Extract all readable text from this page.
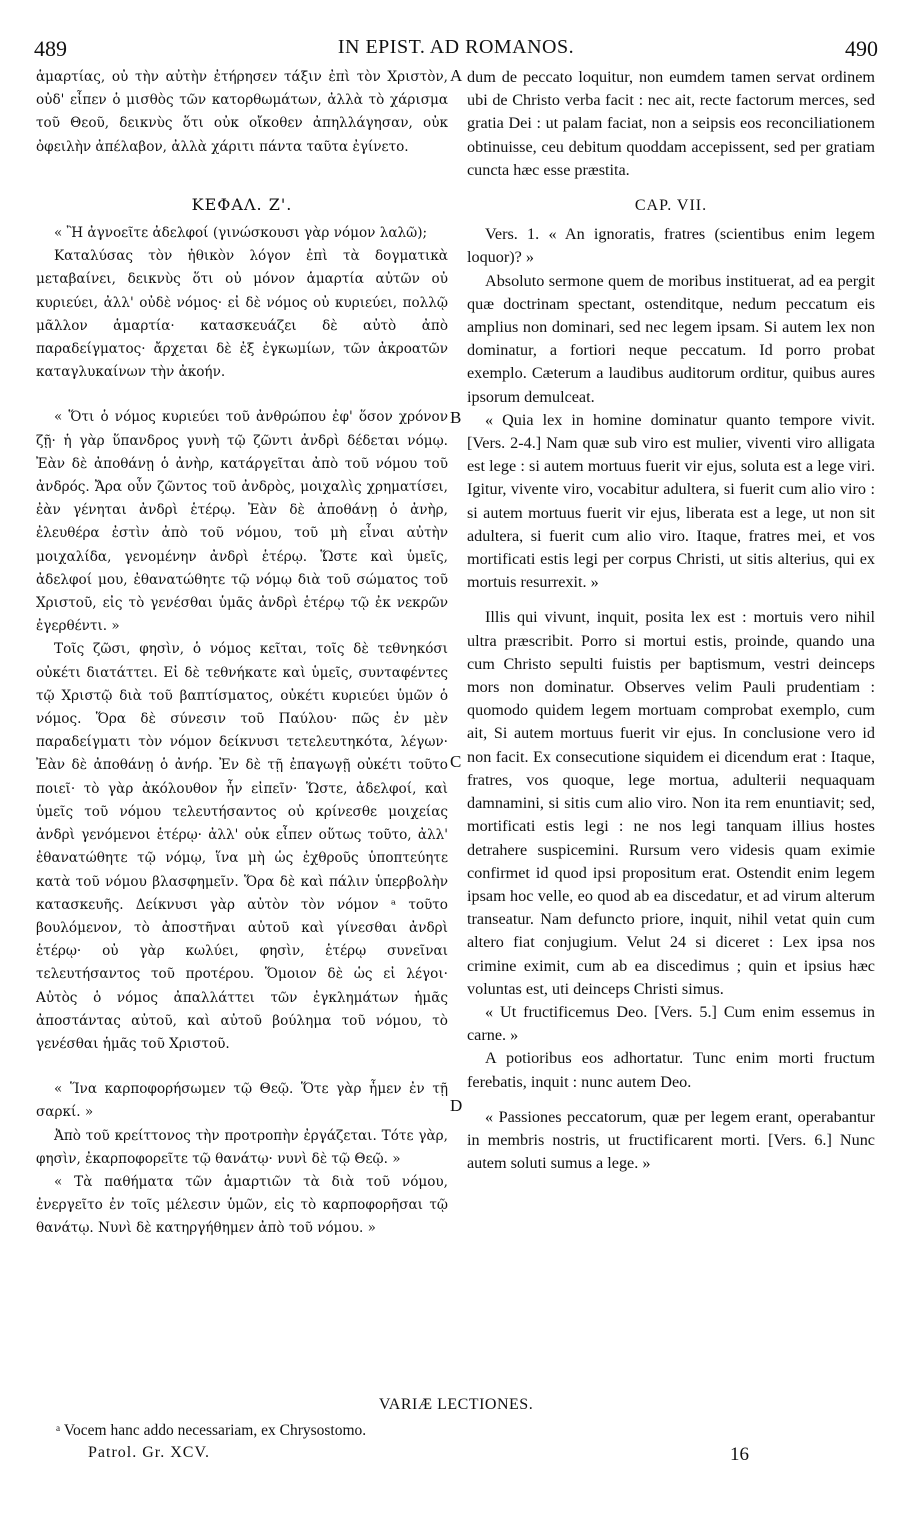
489	IN EPIST. AD ROMANOS.	490

ἁμαρτίας, οὐ τὴν αὐτὴν ἐτήρησεν τάξιν ἐπὶ τὸν Χριστὸν, οὐδ' εἶπεν ὁ μισθὸς τῶν κατορθωμάτων, ἀλλὰ τὸ χάρισμα τοῦ Θεοῦ, δεικνὺς ὅτι οὐκ οἴκοθεν ἀπηλλάγησαν, οὐκ ὀφειλὴν ἀπέλαβον, ἀλλὰ χάριτι πάντα ταῦτα ἐγίνετο.

ΚΕΦΑΛ. Ζ'.

« Ἢ ἀγνοεῖτε ἀδελφοί (γινώσκουσι γὰρ νόμον λαλῶ);

Καταλύσας τὸν ἠθικὸν λόγον ἐπὶ τὰ δογματικὰ μεταβαίνει, δεικνὺς ὅτι οὐ μόνον ἁμαρτία αὐτῶν οὐ κυριεύει, ἀλλ' οὐδὲ νόμος· εἰ δὲ νόμος οὐ κυριεύει, πολλῷ μᾶλλον ἁμαρτία· κατασκευάζει δὲ αὐτὸ ἀπὸ παραδείγματος· ἄρχεται δὲ ἐξ ἐγκωμίων, τῶν ἀκροατῶν καταγλυκαίνων τὴν ἀκοήν.

« Ὅτι ὁ νόμος κυριεύει τοῦ ἀνθρώπου ἐφ' ὅσον χρόνον ζῇ· ἡ γὰρ ὕπανδρος γυνὴ τῷ ζῶντι ἀνδρὶ δέδεται νόμῳ. Ἐὰν δὲ ἀποθάνῃ ὁ ἀνὴρ, κατάργεῖται ἀπὸ τοῦ νόμου τοῦ ἀνδρός. Ἄρα οὖν ζῶντος τοῦ ἀνδρὸς, μοιχαλὶς χρηματίσει, ἐὰν γένηται ἀνδρὶ ἑτέρῳ. Ἐὰν δὲ ἀποθάνῃ ὁ ἀνὴρ, ἐλευθέρα ἐστὶν ἀπὸ τοῦ νόμου, τοῦ μὴ εἶναι αὐτὴν μοιχαλίδα, γενομένην ἀνδρὶ ἑτέρῳ. Ὥστε καὶ ὑμεῖς, ἀδελφοί μου, ἐθανατώθητε τῷ νόμῳ διὰ τοῦ σώματος τοῦ Χριστοῦ, εἰς τὸ γενέσθαι ὑμᾶς ἀνδρὶ ἑτέρῳ τῷ ἐκ νεκρῶν ἐγερθέντι. »

Τοῖς ζῶσι, φησὶν, ὁ νόμος κεῖται, τοῖς δὲ τεθνηκόσι οὐκέτι διατάττει. Εἰ δὲ τεθνήκατε καὶ ὑμεῖς, συνταφέντες τῷ Χριστῷ διὰ τοῦ βαπτίσματος, οὐκέτι κυριεύει ὑμῶν ὁ νόμος. Ὅρα δὲ σύνεσιν τοῦ Παύλου· πῶς ἐν μὲν παραδείγματι τὸν νόμον δείκνυσι τετελευτηκότα, λέγων· Ἐὰν δὲ ἀποθάνῃ ὁ ἀνήρ. Ἐν δὲ τῇ ἐπαγωγῇ οὐκέτι τοῦτο ποιεῖ· τὸ γὰρ ἀκόλουθον ἦν εἰπεῖν· Ὥστε, ἀδελφοί, καὶ ὑμεῖς τοῦ νόμου τελευτήσαντος οὐ κρίνεσθε μοιχείας ἀνδρὶ γενόμενοι ἑτέρῳ· ἀλλ' οὐκ εἶπεν οὕτως τοῦτο, ἀλλ' ἐθανατώθητε τῷ νόμῳ, ἵνα μὴ ὡς ἐχθροῦς ὑποπτεύητε κατὰ τοῦ νόμου βλασφημεῖν. Ὅρα δὲ καὶ πάλιν ὑπερβολὴν κατασκευῆς. Δείκνυσι γὰρ αὐτὸν τὸν νόμον ᵃ τοῦτο βουλόμενον, τὸ ἀποστῆναι αὐτοῦ καὶ γίνεσθαι ἀνδρὶ ἑτέρῳ· οὐ γὰρ κωλύει, φησὶν, ἑτέρῳ συνεῖναι τελευτήσαντος τοῦ προτέρου. Ὅμοιον δὲ ὡς εἰ λέγοι· Αὐτὸς ὁ νόμος ἀπαλλάττει τῶν ἐγκλημάτων ἡμᾶς ἀποστάντας αὐτοῦ, καὶ αὐτοῦ βούλημα τοῦ νόμου, τὸ γενέσθαι ἡμᾶς τοῦ Χριστοῦ.

« Ἵνα καρποφορήσωμεν τῷ Θεῷ. Ὅτε γὰρ ἦμεν ἐν τῇ σαρκί. »

Ἀπὸ τοῦ κρείττονος τὴν προτροπὴν ἐργάζεται. Τότε γὰρ, φησὶν, ἐκαρποφορεῖτε τῷ θανάτῳ· νυνὶ δὲ τῷ Θεῷ. »

« Τὰ παθήματα τῶν ἁμαρτιῶν τὰ διὰ τοῦ νόμου, ἐνεργεῖτο ἐν τοῖς μέλεσιν ὑμῶν, εἰς τὸ καρποφορῆσαι τῷ θανάτῳ. Νυνὶ δὲ κατηργήθημεν ἀπὸ τοῦ νόμου. »

dum de peccato loquitur, non eumdem tamen servat ordinem ubi de Christo verba facit : nec ait, recte factorum merces, sed gratia Dei : ut palam faciat, non a seipsis eos reconciliationem obtinuisse, ceu debitum quoddam accepissent, sed per gratiam cuncta hæc esse præstita.

CAP. VII.

Vers. 1. « An ignoratis, fratres (scientibus enim legem loquor)? »

Absoluto sermone quem de moribus instituerat, ad ea pergit quæ doctrinam spectant, ostenditque, nedum peccatum eis amplius non dominari, sed nec legem ipsam. Si autem lex non dominatur, a fortiori neque peccatum. Id porro probat exemplo. Cæterum a laudibus auditorum orditur, quibus aures ipsorum demulceat.

« Quia lex in homine dominatur quanto tempore vivit. [Vers. 2-4.] Nam quæ sub viro est mulier, viventi viro alligata est lege : si autem mortuus fuerit vir ejus, soluta est a lege viri. Igitur, vivente viro, vocabitur adultera, si fuerit cum alio viro : si autem mortuus fuerit vir ejus, liberata est a lege, ut non sit adultera, si fuerit cum alio viro. Itaque, fratres mei, et vos mortificati estis legi per corpus Christi, ut sitis alterius, qui ex mortuis resurrexit. »

Illis qui vivunt, inquit, posita lex est : mortuis vero nihil ultra præscribit. Porro si mortui estis, proinde, quando una cum Christo sepulti fuistis per baptismum, vestri deinceps mors non dominatur. Observes velim Pauli prudentiam : quomodo quidem legem mortuam comprobat exemplo, cum ait, Si autem mortuus fuerit vir ejus. In conclusione vero id non facit. Ex consecutione siquidem ei dicendum erat : Itaque, fratres, vos quoque, lege mortua, adulterii nequaquam damnamini, si sitis cum alio viro. Non ita rem enuntiavit; sed, mortificati estis legi : ne nos legi tanquam illius hostes detrahere suspicemini. Rursum vero videsis quam eximie confirmet id quod ipsi propositum erat. Ostendit enim legem ipsam hoc velle, eo quod ab ea discedatur, et ad virum alterum transeatur. Nam defuncto priore, inquit, nihil vetat quin cum altero fiat conjugium. Velut 24 si diceret : Lex ipsa nos crimine eximit, cum ab ea discedimus ; quin et ipsius hæc voluntas est, uti deinceps Christi simus.

« Ut fructificemus Deo. [Vers. 5.] Cum enim essemus in carne. »

A potioribus eos adhortatur. Tunc enim morti fructum ferebatis, inquit : nunc autem Deo.

« Passiones peccatorum, quæ per legem erant, operabantur in membris nostris, ut fructificarent morti. [Vers. 6.] Nunc autem soluti sumus a lege. »

A
B
C
D
VARIÆ LECTIONES.
ᵃ Vocem hanc addo necessariam, ex Chrysostomo.
Patrol. Gr. XCV.	16
